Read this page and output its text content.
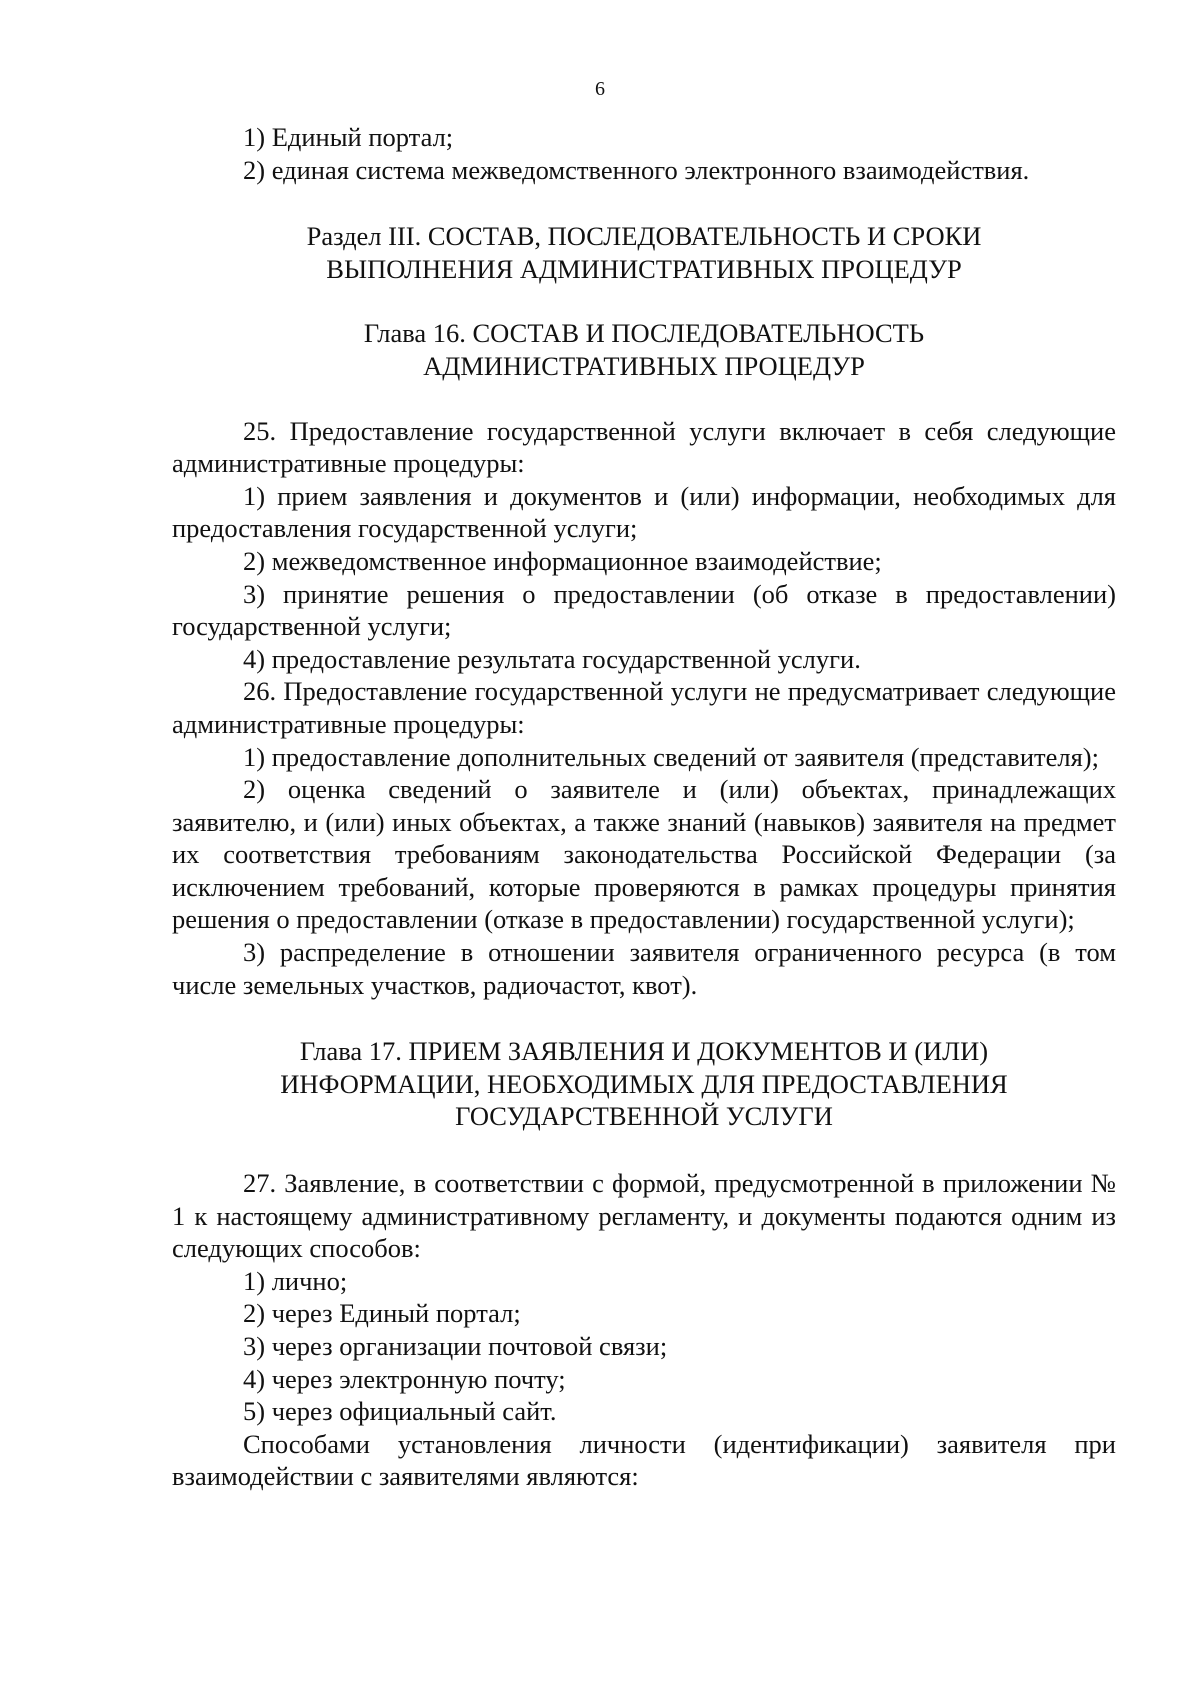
6

1) Единый портал;

2) единая система межведомственного электронного взаимодействия.

Раздел III. СОСТАВ, ПОСЛЕДОВАТЕЛЬНОСТЬ И СРОКИ
ВЫПОЛНЕНИЯ АДМИНИСТРАТИВНЫХ ПРОЦЕДУР
Глава 16. СОСТАВ И ПОСЛЕДОВАТЕЛЬНОСТЬ
АДМИНИСТРАТИВНЫХ ПРОЦЕДУР

25. Предоставление государственной услуги включает в себя следующие административные процедуры:

1) прием заявления и документов и (или) информации, необходимых для предоставления государственной услуги;

2) межведомственное информационное взаимодействие;

3) принятие решения о предоставлении (об отказе в предоставлении) государственной услуги;

4) предоставление результата государственной услуги.

26. Предоставление государственной услуги не предусматривает следующие административные процедуры:

1) предоставление дополнительных сведений от заявителя (представителя);

2) оценка сведений о заявителе и (или) объектах, принадлежащих заявителю, и (или) иных объектах, а также знаний (навыков) заявителя на предмет их соответствия требованиям законодательства Российской Федерации (за исключением требований, которые проверяются в рамках процедуры принятия решения о предоставлении (отказе в предоставлении) государственной услуги);

3) распределение в отношении заявителя ограниченного ресурса (в том числе земельных участков, радиочастот, квот).

Глава 17. ПРИЕМ ЗАЯВЛЕНИЯ И ДОКУМЕНТОВ И (ИЛИ)
ИНФОРМАЦИИ, НЕОБХОДИМЫХ ДЛЯ ПРЕДОСТАВЛЕНИЯ
ГОСУДАРСТВЕННОЙ УСЛУГИ

27. Заявление, в соответствии с формой, предусмотренной в приложении № 1 к настоящему административному регламенту, и документы подаются одним из следующих способов:

1) лично;

2) через Единый портал;

3) через организации почтовой связи;

4) через электронную почту;

5) через официальный сайт.

Способами установления личности (идентификации) заявителя при взаимодействии с заявителями являются:
